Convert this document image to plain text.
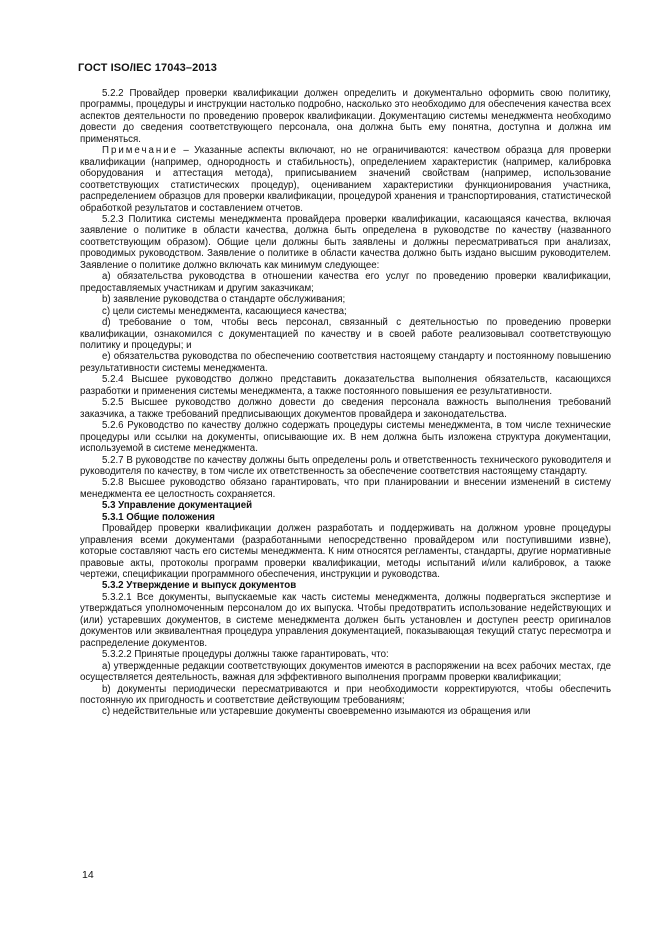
ГОСТ ISO/IEC 17043–2013

5.2.2 Провайдер проверки квалификации должен определить и документально оформить свою политику, программы, процедуры и инструкции настолько подробно, насколько это необходимо для обеспечения качества всех аспектов деятельности по проведению проверок квалификации. Документацию системы менеджмента необходимо довести до сведения соответствующего персонала, она должна быть ему понятна, доступна и должна им применяться.

Примечание – Указанные аспекты включают, но не ограничиваются: качеством образца для проверки квалификации (например, однородность и стабильность), определением характеристик (например, калибровка оборудования и аттестация метода), приписыванием значений свойствам (например, использование соответствующих статистических процедур), оцениванием характеристики функционирования участника, распределением образцов для проверки квалификации, процедурой хранения и транспортирования, статистической обработкой результатов и составлением отчетов.

5.2.3 Политика системы менеджмента провайдера проверки квалификации, касающаяся качества, включая заявление о политике в области качества, должна быть определена в руководстве по качеству (названного соответствующим образом). Общие цели должны быть заявлены и должны пересматриваться при анализах, проводимых руководством. Заявление о политике в области качества должно быть издано высшим руководителем. Заявление о политике должно включать как минимум следующее:

a) обязательства руководства в отношении качества его услуг по проведению проверки квалификации, предоставляемых участникам и другим заказчикам;

b) заявление руководства о стандарте обслуживания;

c) цели системы менеджмента, касающиеся качества;

d) требование о том, чтобы весь персонал, связанный с деятельностью по проведению проверки квалификации, ознакомился с документацией по качеству и в своей работе реализовывал соответствующую политику и процедуры; и

e) обязательства руководства по обеспечению соответствия настоящему стандарту и постоянному повышению результативности системы менеджмента.

5.2.4 Высшее руководство должно представить доказательства выполнения обязательств, касающихся разработки и применения системы менеджмента, а также постоянного повышения ее результативности.

5.2.5 Высшее руководство должно довести до сведения персонала важность выполнения требований заказчика, а также требований предписывающих документов провайдера и законодательства.

5.2.6 Руководство по качеству должно содержать процедуры системы менеджмента, в том числе технические процедуры или ссылки на документы, описывающие их. В нем должна быть изложена структура документации, используемой в системе менеджмента.

5.2.7 В руководстве по качеству должны быть определены роль и ответственность технического руководителя и руководителя по качеству, в том числе их ответственность за обеспечение соответствия настоящему стандарту.

5.2.8 Высшее руководство обязано гарантировать, что при планировании и внесении изменений в систему менеджмента ее целостность сохраняется.

5.3 Управление документацией

5.3.1 Общие положения

Провайдер проверки квалификации должен разработать и поддерживать на должном уровне процедуры управления всеми документами (разработанными непосредственно провайдером или поступившими извне), которые составляют часть его системы менеджмента. К ним относятся регламенты, стандарты, другие нормативные правовые акты, протоколы программ проверки квалификации, методы испытаний и/или калибровок, а также чертежи, спецификации программного обеспечения, инструкции и руководства.

5.3.2 Утверждение и выпуск документов

5.3.2.1 Все документы, выпускаемые как часть системы менеджмента, должны подвергаться экспертизе и утверждаться уполномоченным персоналом до их выпуска. Чтобы предотвратить использование недействующих и (или) устаревших документов, в системе менеджмента должен быть установлен и доступен реестр оригиналов документов или эквивалентная процедура управления документацией, показывающая текущий статус пересмотра и распределение документов.

5.3.2.2 Принятые процедуры должны также гарантировать, что:

a) утвержденные редакции соответствующих документов имеются в распоряжении на всех рабочих местах, где осуществляется деятельность, важная для эффективного выполнения программ проверки квалификации;

b) документы периодически пересматриваются и при необходимости корректируются, чтобы обеспечить постоянную их пригодность и соответствие действующим требованиям;

c) недействительные или устаревшие документы своевременно изымаются из обращения или

14
